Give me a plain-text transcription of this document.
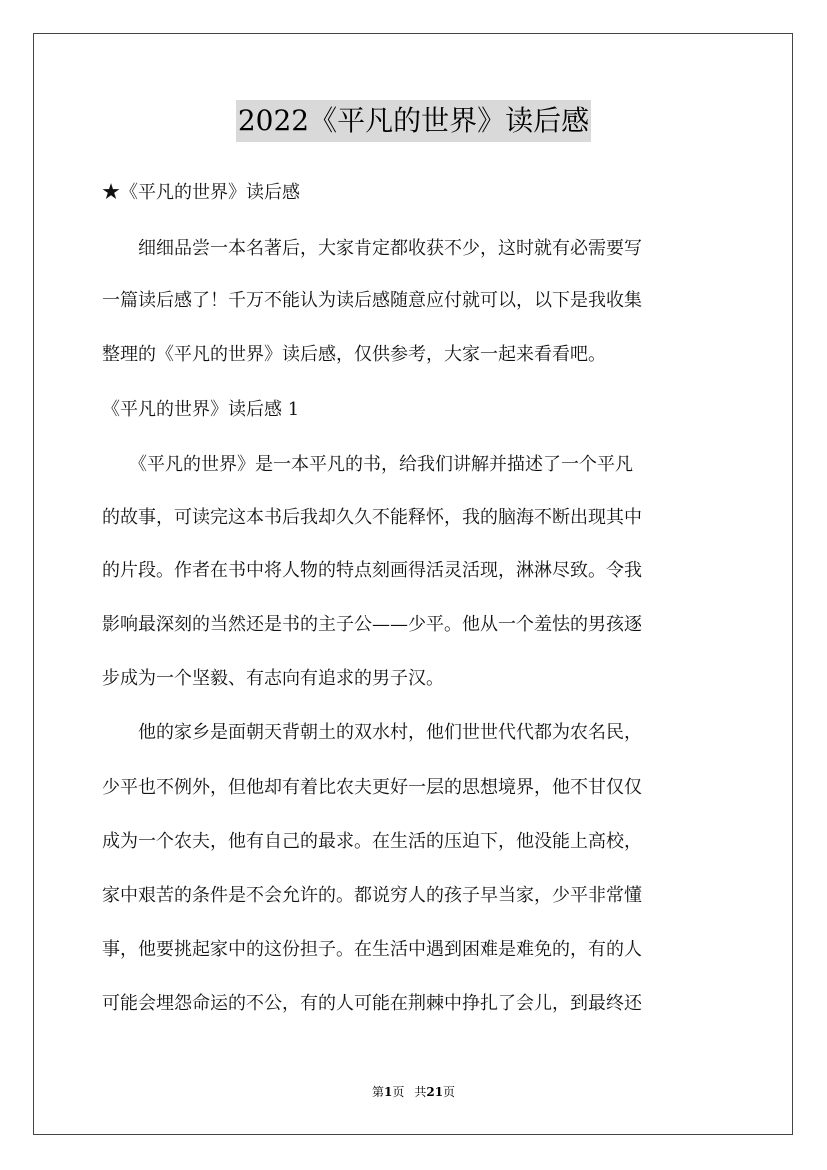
2022《平凡的世界》读后感
★《平凡的世界》读后感
　　细细品尝一本名著后，大家肯定都收获不少，这时就有必需要写
一篇读后感了！千万不能认为读后感随意应付就可以，以下是我收集
整理的《平凡的世界》读后感，仅供参考，大家一起来看看吧。
《平凡的世界》读后感 1
　　《平凡的世界》是一本平凡的书，给我们讲解并描述了一个平凡
的故事，可读完这本书后我却久久不能释怀，我的脑海不断出现其中
的片段。作者在书中将人物的特点刻画得活灵活现，淋淋尽致。令我
影响最深刻的当然还是书的主子公——少平。他从一个羞怯的男孩逐
步成为一个坚毅、有志向有追求的男子汉。
　　他的家乡是面朝天背朝土的双水村，他们世世代代都为农名民，
少平也不例外，但他却有着比农夫更好一层的思想境界，他不甘仅仅
成为一个农夫，他有自己的最求。在生活的压迫下，他没能上高校，
家中艰苦的条件是不会允许的。都说穷人的孩子早当家，少平非常懂
事，他要挑起家中的这份担子。在生活中遇到困难是难免的，有的人
可能会埋怨命运的不公，有的人可能在荆棘中挣扎了会儿，到最终还
第1页 共21页
